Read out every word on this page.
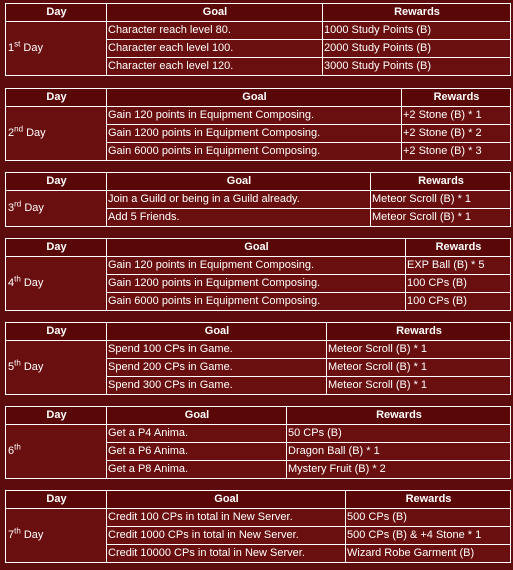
Day	Goal	Rewards
1st Day	Character reach level 80.	1000 Study Points (B)
	Character each level 100.	2000 Study Points (B)
	Character each level 120.	3000 Study Points (B)
Day	Goal	Rewards
2nd Day	Gain 120 points in Equipment Composing.	+2 Stone (B) * 1
	Gain 1200 points in Equipment Composing.	+2 Stone (B) * 2
	Gain 6000 points in Equipment Composing.	+2 Stone (B) * 3
Day	Goal	Rewards
3rd Day	Join a Guild or being in a Guild already.	Meteor Scroll (B) * 1
	Add 5 Friends.	Meteor Scroll (B) * 1
Day	Goal	Rewards
4th Day	Gain 120 points in Equipment Composing.	EXP Ball (B) * 5
	Gain 1200 points in Equipment Composing.	100 CPs (B)
	Gain 6000 points in Equipment Composing.	100 CPs (B)
Day	Goal	Rewards
5th Day	Spend 100 CPs in Game.	Meteor Scroll (B) * 1
	Spend 200 CPs in Game.	Meteor Scroll (B) * 1
	Spend 300 CPs in Game.	Meteor Scroll (B) * 1
Day	Goal	Rewards
6th	Get a P4 Anima.	50 CPs (B)
	Get a P6 Anima.	Dragon Ball (B) * 1
	Get a P8 Anima.	Mystery Fruit (B) * 2
Day	Goal	Rewards
7th Day	Credit 100 CPs in total in New Server.	500 CPs (B)
	Credit 1000 CPs in total in New Server.	500 CPs (B) & +4 Stone * 1
	Credit 10000 CPs in total in New Server.	Wizard Robe Garment (B)
